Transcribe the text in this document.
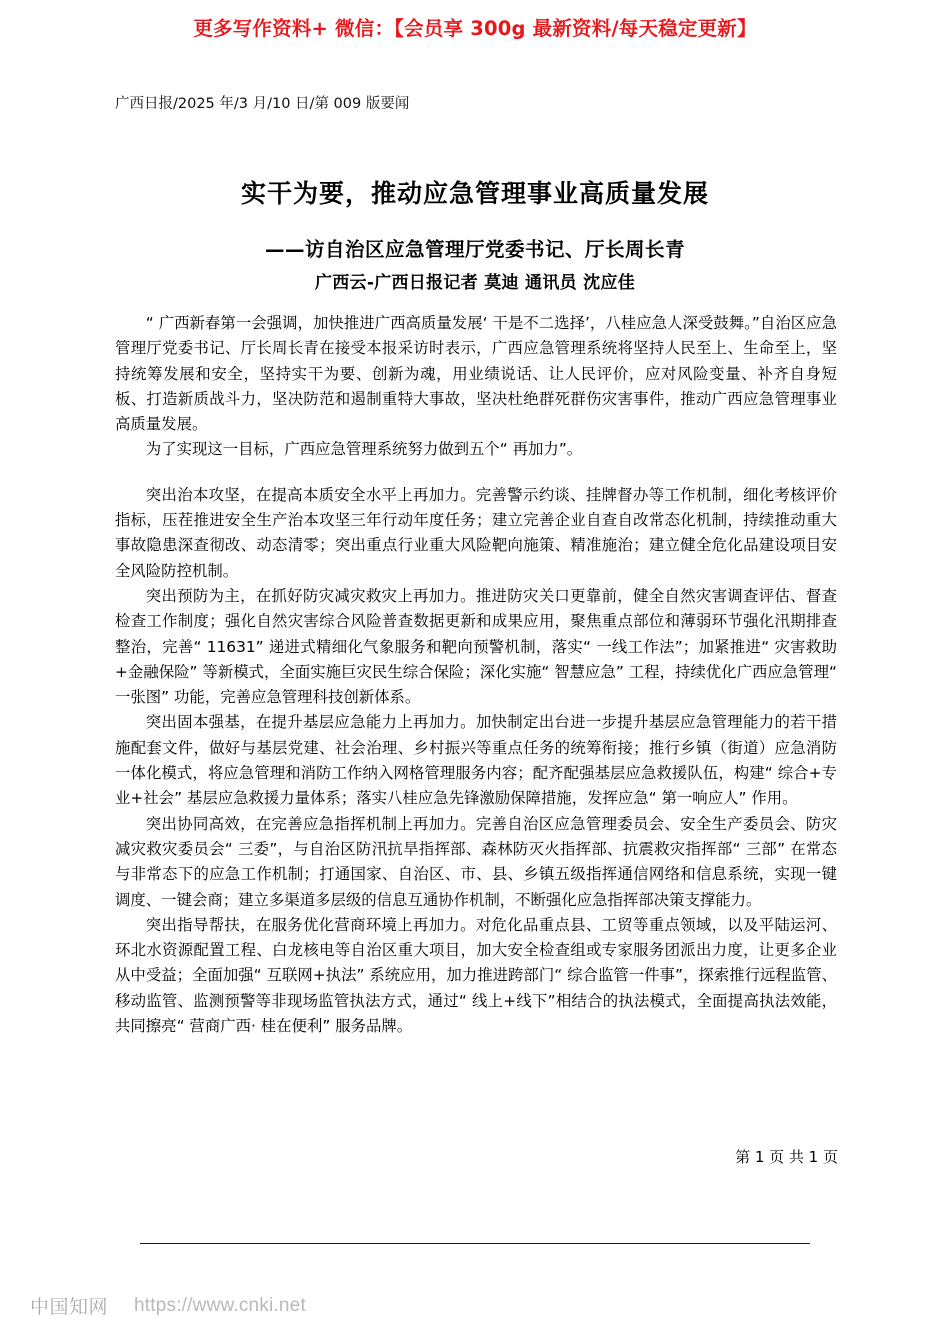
更多写作资料+ 微信：【会员享 300g 最新资料/每天稳定更新】
广西日报/2025 年/3 月/10 日/第 009 版要闻
实干为要，推动应急管理事业高质量发展
——访自治区应急管理厅党委书记、厅长周长青
广西云-广西日报记者 莫迪 通讯员 沈应佳

“ 广西新春第一会强调，加快推进广西高质量发展‘ 干是不二选择’，八桂应急人深受鼓舞。”自治区应急管理厅党委书记、厅长周长青在接受本报采访时表示，广西应急管理系统将坚持人民至上、生命至上，坚持统筹发展和安全，坚持实干为要、创新为魂，用业绩说话、让人民评价，应对风险变量、补齐自身短板、打造新质战斗力，坚决防范和遏制重特大事故，坚决杜绝群死群伤灾害事件，推动广西应急管理事业高质量发展。

为了实现这一目标，广西应急管理系统努力做到五个“ 再加力”。

突出治本攻坚，在提高本质安全水平上再加力。完善警示约谈、挂牌督办等工作机制，细化考核评价指标，压茬推进安全生产治本攻坚三年行动年度任务；建立完善企业自查自改常态化机制，持续推动重大事故隐患深查彻改、动态清零；突出重点行业重大风险靶向施策、精准施治；建立健全危化品建设项目安全风险防控机制。

突出预防为主，在抓好防灾减灾救灾上再加力。推进防灾关口更靠前，健全自然灾害调查评估、督查检查工作制度；强化自然灾害综合风险普查数据更新和成果应用，聚焦重点部位和薄弱环节强化汛期排查整治，完善“ 11631” 递进式精细化气象服务和靶向预警机制，落实“ 一线工作法”；加紧推进“ 灾害救助+金融保险” 等新模式，全面实施巨灾民生综合保险；深化实施“ 智慧应急” 工程，持续优化广西应急管理“ 一张图” 功能，完善应急管理科技创新体系。

突出固本强基，在提升基层应急能力上再加力。加快制定出台进一步提升基层应急管理能力的若干措施配套文件，做好与基层党建、社会治理、乡村振兴等重点任务的统筹衔接；推行乡镇（街道）应急消防一体化模式，将应急管理和消防工作纳入网格管理服务内容；配齐配强基层应急救援队伍，构建“ 综合+专业+社会” 基层应急救援力量体系；落实八桂应急先锋激励保障措施，发挥应急“ 第一响应人” 作用。

突出协同高效，在完善应急指挥机制上再加力。完善自治区应急管理委员会、安全生产委员会、防灾减灾救灾委员会“ 三委”，与自治区防汛抗旱指挥部、森林防灭火指挥部、抗震救灾指挥部“ 三部” 在常态与非常态下的应急工作机制；打通国家、自治区、市、县、乡镇五级指挥通信网络和信息系统，实现一键调度、一键会商；建立多渠道多层级的信息互通协作机制，不断强化应急指挥部决策支撑能力。

突出指导帮扶，在服务优化营商环境上再加力。对危化品重点县、工贸等重点领域，以及平陆运河、环北水资源配置工程、白龙核电等自治区重大项目，加大安全检查组或专家服务团派出力度，让更多企业从中受益；全面加强“ 互联网+执法” 系统应用，加力推进跨部门“ 综合监管一件事”，探索推行远程监管、移动监管、监测预警等非现场监管执法方式，通过“ 线上+线下”相结合的执法模式，全面提高执法效能，共同擦亮“ 营商广西· 桂在便利” 服务品牌。

第 1 页 共 1 页
中国知网 https://www.cnki.net
